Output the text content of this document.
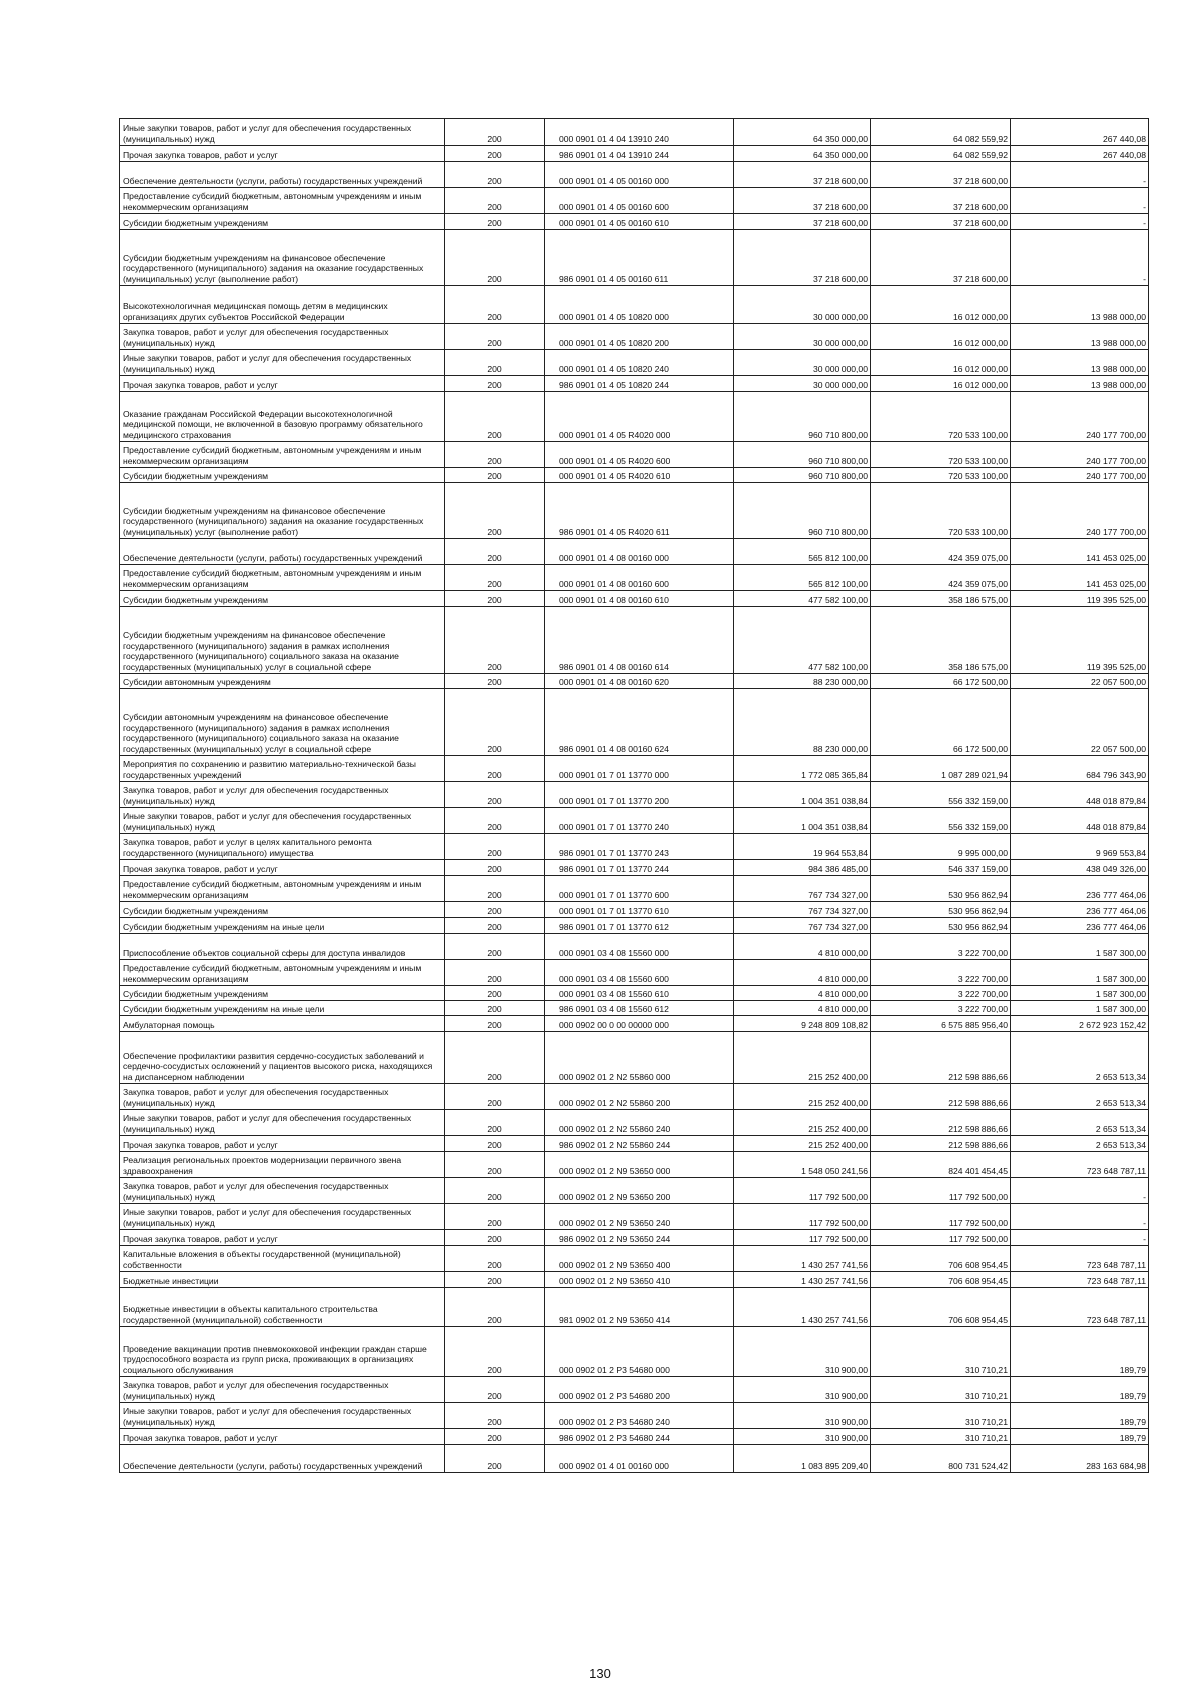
Иные закупки товаров, работ и услуг для обеспечения государственных (муниципальных) нужд	200	000 0901 01 4 04 13910 240	64 350 000,00	64 082 559,92	267 440,08
Прочая закупка товаров, работ и услуг	200	986 0901 01 4 04 13910 244	64 350 000,00	64 082 559,92	267 440,08
Обеспечение деятельности (услуги, работы) государственных учреждений	200	000 0901 01 4 05 00160 000	37 218 600,00	37 218 600,00	-
Предоставление субсидий бюджетным, автономным учреждениям и иным некоммерческим организациям	200	000 0901 01 4 05 00160 600	37 218 600,00	37 218 600,00	-
Субсидии бюджетным учреждениям	200	000 0901 01 4 05 00160 610	37 218 600,00	37 218 600,00	-
Субсидии бюджетным учреждениям на финансовое обеспечение государственного (муниципального) задания на оказание государственных (муниципальных) услуг (выполнение работ)	200	986 0901 01 4 05 00160 611	37 218 600,00	37 218 600,00	-
Высокотехнологичная медицинская помощь детям в медицинских организациях других субъектов Российской Федерации	200	000 0901 01 4 05 10820 000	30 000 000,00	16 012 000,00	13 988 000,00
Закупка товаров, работ и услуг для обеспечения государственных (муниципальных) нужд	200	000 0901 01 4 05 10820 200	30 000 000,00	16 012 000,00	13 988 000,00
Иные закупки товаров, работ и услуг для обеспечения государственных (муниципальных) нужд	200	000 0901 01 4 05 10820 240	30 000 000,00	16 012 000,00	13 988 000,00
Прочая закупка товаров, работ и услуг	200	986 0901 01 4 05 10820 244	30 000 000,00	16 012 000,00	13 988 000,00
Оказание гражданам Российской Федерации высокотехнологичной медицинской помощи, не включенной в базовую программу обязательного медицинского страхования	200	000 0901 01 4 05 R4020 000	960 710 800,00	720 533 100,00	240 177 700,00
Предоставление субсидий бюджетным, автономным учреждениям и иным некоммерческим организациям	200	000 0901 01 4 05 R4020 600	960 710 800,00	720 533 100,00	240 177 700,00
Субсидии бюджетным учреждениям	200	000 0901 01 4 05 R4020 610	960 710 800,00	720 533 100,00	240 177 700,00
Субсидии бюджетным учреждениям на финансовое обеспечение государственного (муниципального) задания на оказание государственных (муниципальных) услуг (выполнение работ)	200	986 0901 01 4 05 R4020 611	960 710 800,00	720 533 100,00	240 177 700,00
Обеспечение деятельности (услуги, работы) государственных учреждений	200	000 0901 01 4 08 00160 000	565 812 100,00	424 359 075,00	141 453 025,00
Предоставление субсидий бюджетным, автономным учреждениям и иным некоммерческим организациям	200	000 0901 01 4 08 00160 600	565 812 100,00	424 359 075,00	141 453 025,00
Субсидии бюджетным учреждениям	200	000 0901 01 4 08 00160 610	477 582 100,00	358 186 575,00	119 395 525,00
Субсидии бюджетным учреждениям на финансовое обеспечение государственного (муниципального) задания в рамках исполнения государственного (муниципального) социального заказа на оказание государственных (муниципальных) услуг в социальной сфере	200	986 0901 01 4 08 00160 614	477 582 100,00	358 186 575,00	119 395 525,00
Субсидии автономным учреждениям	200	000 0901 01 4 08 00160 620	88 230 000,00	66 172 500,00	22 057 500,00
Субсидии автономным учреждениям на финансовое обеспечение государственного (муниципального) задания в рамках исполнения государственного (муниципального) социального заказа на оказание государственных (муниципальных) услуг в социальной сфере	200	986 0901 01 4 08 00160 624	88 230 000,00	66 172 500,00	22 057 500,00
Мероприятия по сохранению и развитию материально-технической базы государственных учреждений	200	000 0901 01 7 01 13770 000	1 772 085 365,84	1 087 289 021,94	684 796 343,90
Закупка товаров, работ и услуг для обеспечения государственных (муниципальных) нужд	200	000 0901 01 7 01 13770 200	1 004 351 038,84	556 332 159,00	448 018 879,84
Иные закупки товаров, работ и услуг для обеспечения государственных (муниципальных) нужд	200	000 0901 01 7 01 13770 240	1 004 351 038,84	556 332 159,00	448 018 879,84
Закупка товаров, работ и услуг в целях капитального ремонта государственного (муниципального) имущества	200	986 0901 01 7 01 13770 243	19 964 553,84	9 995 000,00	9 969 553,84
Прочая закупка товаров, работ и услуг	200	986 0901 01 7 01 13770 244	984 386 485,00	546 337 159,00	438 049 326,00
Предоставление субсидий бюджетным, автономным учреждениям и иным некоммерческим организациям	200	000 0901 01 7 01 13770 600	767 734 327,00	530 956 862,94	236 777 464,06
Субсидии бюджетным учреждениям	200	000 0901 01 7 01 13770 610	767 734 327,00	530 956 862,94	236 777 464,06
Субсидии бюджетным учреждениям на иные цели	200	986 0901 01 7 01 13770 612	767 734 327,00	530 956 862,94	236 777 464,06
Приспособление объектов социальной сферы для доступа инвалидов	200	000 0901 03 4 08 15560 000	4 810 000,00	3 222 700,00	1 587 300,00
Предоставление субсидий бюджетным, автономным учреждениям и иным некоммерческим организациям	200	000 0901 03 4 08 15560 600	4 810 000,00	3 222 700,00	1 587 300,00
Субсидии бюджетным учреждениям	200	000 0901 03 4 08 15560 610	4 810 000,00	3 222 700,00	1 587 300,00
Субсидии бюджетным учреждениям на иные цели	200	986 0901 03 4 08 15560 612	4 810 000,00	3 222 700,00	1 587 300,00
Амбулаторная помощь	200	000 0902 00 0 00 00000 000	9 248 809 108,82	6 575 885 956,40	2 672 923 152,42
Обеспечение профилактики развития сердечно-сосудистых заболеваний и сердечно-сосудистых осложнений у пациентов высокого риска, находящихся на диспансерном наблюдении	200	000 0902 01 2 N2 55860 000	215 252 400,00	212 598 886,66	2 653 513,34
Закупка товаров, работ и услуг для обеспечения государственных (муниципальных) нужд	200	000 0902 01 2 N2 55860 200	215 252 400,00	212 598 886,66	2 653 513,34
Иные закупки товаров, работ и услуг для обеспечения государственных (муниципальных) нужд	200	000 0902 01 2 N2 55860 240	215 252 400,00	212 598 886,66	2 653 513,34
Прочая закупка товаров, работ и услуг	200	986 0902 01 2 N2 55860 244	215 252 400,00	212 598 886,66	2 653 513,34
Реализация региональных проектов модернизации первичного звена здравоохранения	200	000 0902 01 2 N9 53650 000	1 548 050 241,56	824 401 454,45	723 648 787,11
Закупка товаров, работ и услуг для обеспечения государственных (муниципальных) нужд	200	000 0902 01 2 N9 53650 200	117 792 500,00	117 792 500,00	-
Иные закупки товаров, работ и услуг для обеспечения государственных (муниципальных) нужд	200	000 0902 01 2 N9 53650 240	117 792 500,00	117 792 500,00	-
Прочая закупка товаров, работ и услуг	200	986 0902 01 2 N9 53650 244	117 792 500,00	117 792 500,00	-
Капитальные вложения в объекты государственной (муниципальной) собственности	200	000 0902 01 2 N9 53650 400	1 430 257 741,56	706 608 954,45	723 648 787,11
Бюджетные инвестиции	200	000 0902 01 2 N9 53650 410	1 430 257 741,56	706 608 954,45	723 648 787,11
Бюджетные инвестиции в объекты капитального строительства государственной (муниципальной) собственности	200	981 0902 01 2 N9 53650 414	1 430 257 741,56	706 608 954,45	723 648 787,11
Проведение вакцинации против пневмококковой инфекции граждан старше трудоспособного возраста из групп риска, проживающих в организациях социального обслуживания	200	000 0902 01 2 P3 54680 000	310 900,00	310 710,21	189,79
Закупка товаров, работ и услуг для обеспечения государственных (муниципальных) нужд	200	000 0902 01 2 P3 54680 200	310 900,00	310 710,21	189,79
Иные закупки товаров, работ и услуг для обеспечения государственных (муниципальных) нужд	200	000 0902 01 2 P3 54680 240	310 900,00	310 710,21	189,79
Прочая закупка товаров, работ и услуг	200	986 0902 01 2 P3 54680 244	310 900,00	310 710,21	189,79
Обеспечение деятельности (услуги, работы) государственных учреждений	200	000 0902 01 4 01 00160 000	1 083 895 209,40	800 731 524,42	283 163 684,98
130
